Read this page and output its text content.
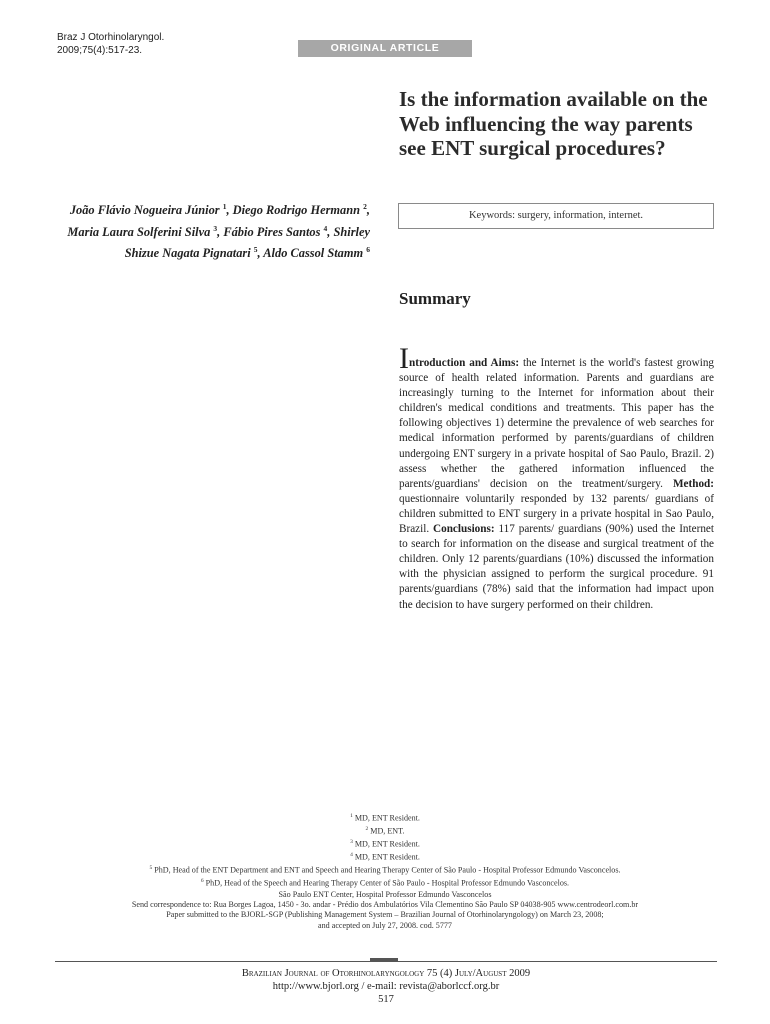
Braz J Otorhinolaryngol.
2009;75(4):517-23.	ORIGINAL ARTICLE
Is the information available on the Web influencing the way parents see ENT surgical procedures?
João Flávio Nogueira Júnior $^1$, Diego Rodrigo Hermann $^2$, Maria Laura Solferini Silva $^3$, Fábio Pires Santos $^4$, Shirley Shizue Nagata Pignatari $^5$, Aldo Cassol Stamm $^6$
Keywords: surgery, information, internet.
Summary
Introduction and Aims: the Internet is the world's fastest growing source of health related information. Parents and guardians are increasingly turning to the Internet for information about their children's medical conditions and treatments. This paper has the following objectives 1) determine the prevalence of web searches for medical information performed by parents/guardians of children undergoing ENT surgery in a private hospital of Sao Paulo, Brazil. 2) assess whether the gathered information influenced the parents/guardians' decision on the treatment/surgery. Method: questionnaire voluntarily responded by 132 parents/ guardians of children submitted to ENT surgery in a private hospital in Sao Paulo, Brazil. Conclusions: 117 parents/ guardians (90%) used the Internet to search for information on the disease and surgical treatment of the children. Only 12 parents/guardians (10%) discussed the information with the physician assigned to perform the surgical procedure. 91 parents/guardians (78%) said that the information had impact upon the decision to have surgery performed on their children.
$^1$ MD, ENT Resident.
$^2$ MD, ENT.
$^3$ MD, ENT Resident.
$^4$ MD, ENT Resident.
$^5$ PhD, Head of the ENT Department and ENT and Speech and Hearing Therapy Center of São Paulo - Hospital Professor Edmundo Vasconcelos.
$^6$ PhD, Head of the Speech and Hearing Therapy Center of São Paulo - Hospital Professor Edmundo Vasconcelos.
São Paulo ENT Center, Hospital Professor Edmundo Vasconcelos
Send correspondence to: Rua Borges Lagoa, 1450 - 3o. andar - Prédio dos Ambulatórios Vila Clementino São Paulo SP 04038-905 www.centrodeorl.com.br
Paper submitted to the BJORL-SGP (Publishing Management System – Brazilian Journal of Otorhinolaryngology) on March 23, 2008;
and accepted on July 27, 2008. cod. 5777
Brazilian Journal of Otorhinolaryngology 75 (4) July/August 2009
http://www.bjorl.org / e-mail: revista@aborlccf.org.br
517
